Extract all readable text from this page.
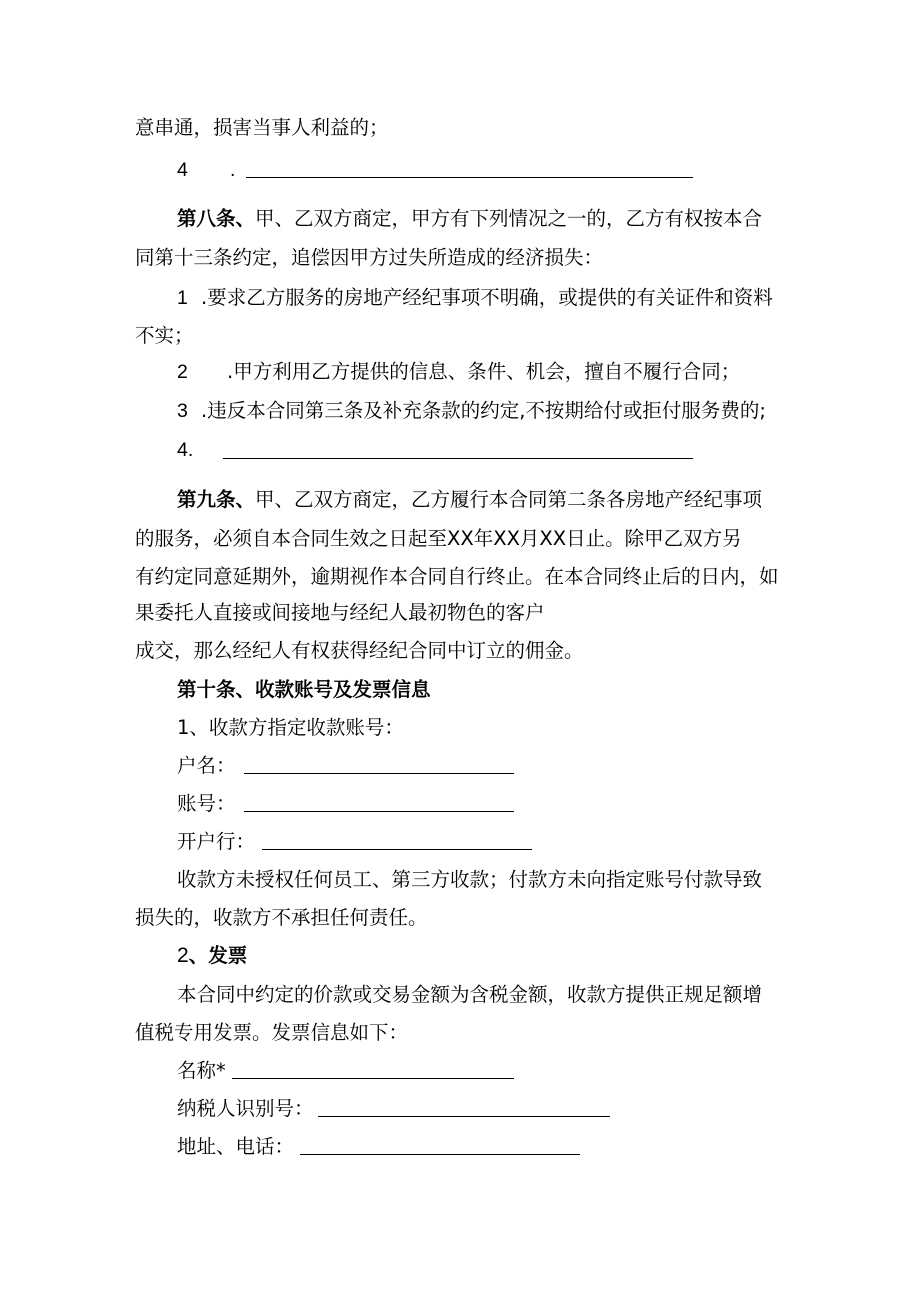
意串通，损害当事人利益的；
4 .
第八条、甲、乙双方商定，甲方有下列情况之一的，乙方有权按本合
同第十三条约定，追偿因甲方过失所造成的经济损失：
1 .要求乙方服务的房地产经纪事项不明确，或提供的有关证件和资料
不实；
2 .甲方利用乙方提供的信息、条件、机会，擅自不履行合同；
3 .违反本合同第三条及补充条款的约定,不按期给付或拒付服务费的;
4.
第九条、甲、乙双方商定，乙方履行本合同第二条各房地产经纪事项
的服务，必须自本合同生效之日起至XX年XX月XX日止。除甲乙双方另
有约定同意延期外，逾期视作本合同自行终止。在本合同终止后的日内，如
果委托人直接或间接地与经纪人最初物色的客户
成交，那么经纪人有权获得经纪合同中订立的佣金。
第十条、收款账号及发票信息
1、收款方指定收款账号：
户名：
账号：
开户行：
收款方未授权任何员工、第三方收款；付款方未向指定账号付款导致
损失的，收款方不承担任何责任。
2、发票
本合同中约定的价款或交易金额为含税金额，收款方提供正规足额增
值税专用发票。发票信息如下：
名称*
纳税人识别号：
地址、电话：
